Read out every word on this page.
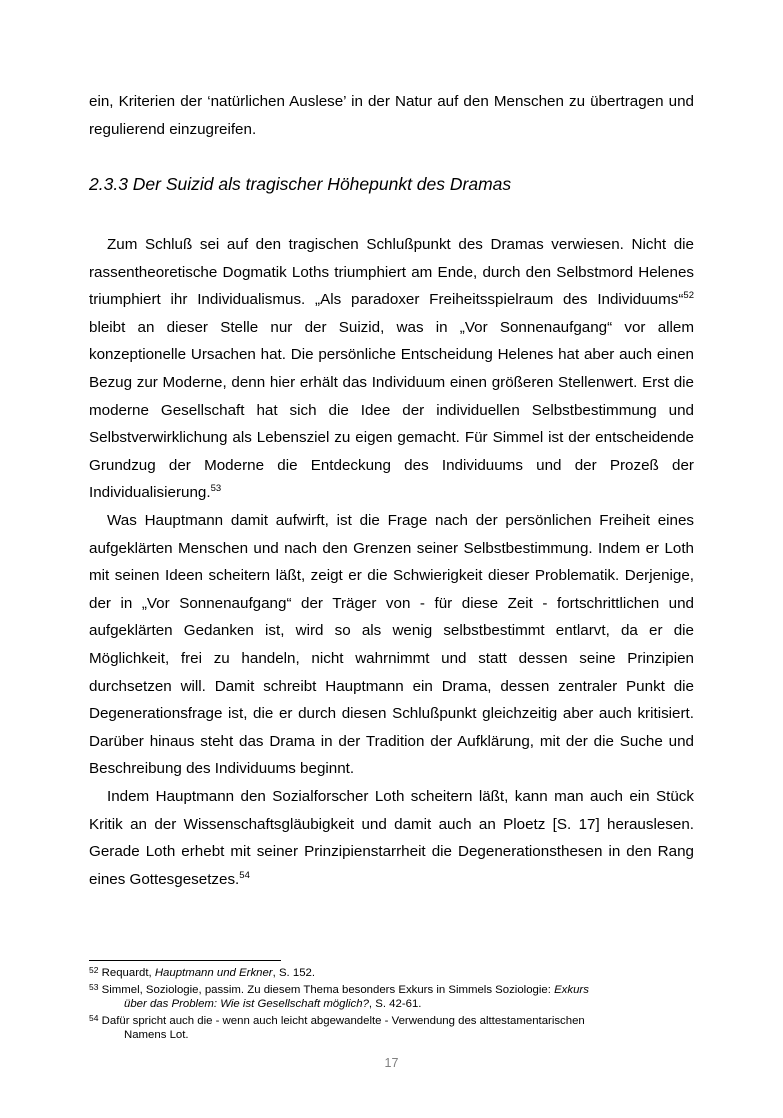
ein, Kriterien der ‘natürlichen Auslese’ in der Natur auf den Menschen zu übertragen und regulierend einzugreifen.

2.3.3 Der Suizid als tragischer Höhepunkt des Dramas

Zum Schluß sei auf den tragischen Schlußpunkt des Dramas verwiesen. Nicht die rassentheoretische Dogmatik Loths triumphiert am Ende, durch den Selbstmord Helenes triumphiert ihr Individualismus. „Als paradoxer Freiheitsspielraum des Individuums“$^{52}$ bleibt an dieser Stelle nur der Suizid, was in „Vor Sonnenaufgang“ vor allem konzeptionelle Ursachen hat. Die persönliche Entscheidung Helenes hat aber auch einen Bezug zur Moderne, denn hier erhält das Individuum einen größeren Stellenwert. Erst die moderne Gesellschaft hat sich die Idee der individuellen Selbstbestimmung und Selbstverwirklichung als Lebensziel zu eigen gemacht. Für Simmel ist der entscheidende Grundzug der Moderne die Entdeckung des Individuums und der Prozeß der Individualisierung.$^{53}$

Was Hauptmann damit aufwirft, ist die Frage nach der persönlichen Freiheit eines aufgeklärten Menschen und nach den Grenzen seiner Selbstbestimmung. Indem er Loth mit seinen Ideen scheitern läßt, zeigt er die Schwierigkeit dieser Problematik. Derjenige, der in „Vor Sonnenaufgang“ der Träger von - für diese Zeit - fortschrittlichen und aufgeklärten Gedanken ist, wird so als wenig selbstbestimmt entlarvt, da er die Möglichkeit, frei zu handeln, nicht wahrnimmt und statt dessen seine Prinzipien durchsetzen will. Damit schreibt Hauptmann ein Drama, dessen zentraler Punkt die Degenerationsfrage ist, die er durch diesen Schlußpunkt gleichzeitig aber auch kritisiert. Darüber hinaus steht das Drama in der Tradition der Aufklärung, mit der die Suche und Beschreibung des Individuums beginnt.

Indem Hauptmann den Sozialforscher Loth scheitern läßt, kann man auch ein Stück Kritik an der Wissenschaftsgläubigkeit und damit auch an Ploetz [S. 17] herauslesen. Gerade Loth erhebt mit seiner Prinzipienstarrheit die Degenerationsthesen in den Rang eines Gottesgesetzes.$^{54}$

$^{52}$ Requardt, Hauptmann und Erkner, S. 152.
$^{53}$ Simmel, Soziologie, passim. Zu diesem Thema besonders Exkurs in Simmels Soziologie: Exkurs
über das Problem: Wie ist Gesellschaft möglich?, S. 42-61.
$^{54}$ Dafür spricht auch die - wenn auch leicht abgewandelte - Verwendung des alttestamentarischen
Namens Lot.
17
